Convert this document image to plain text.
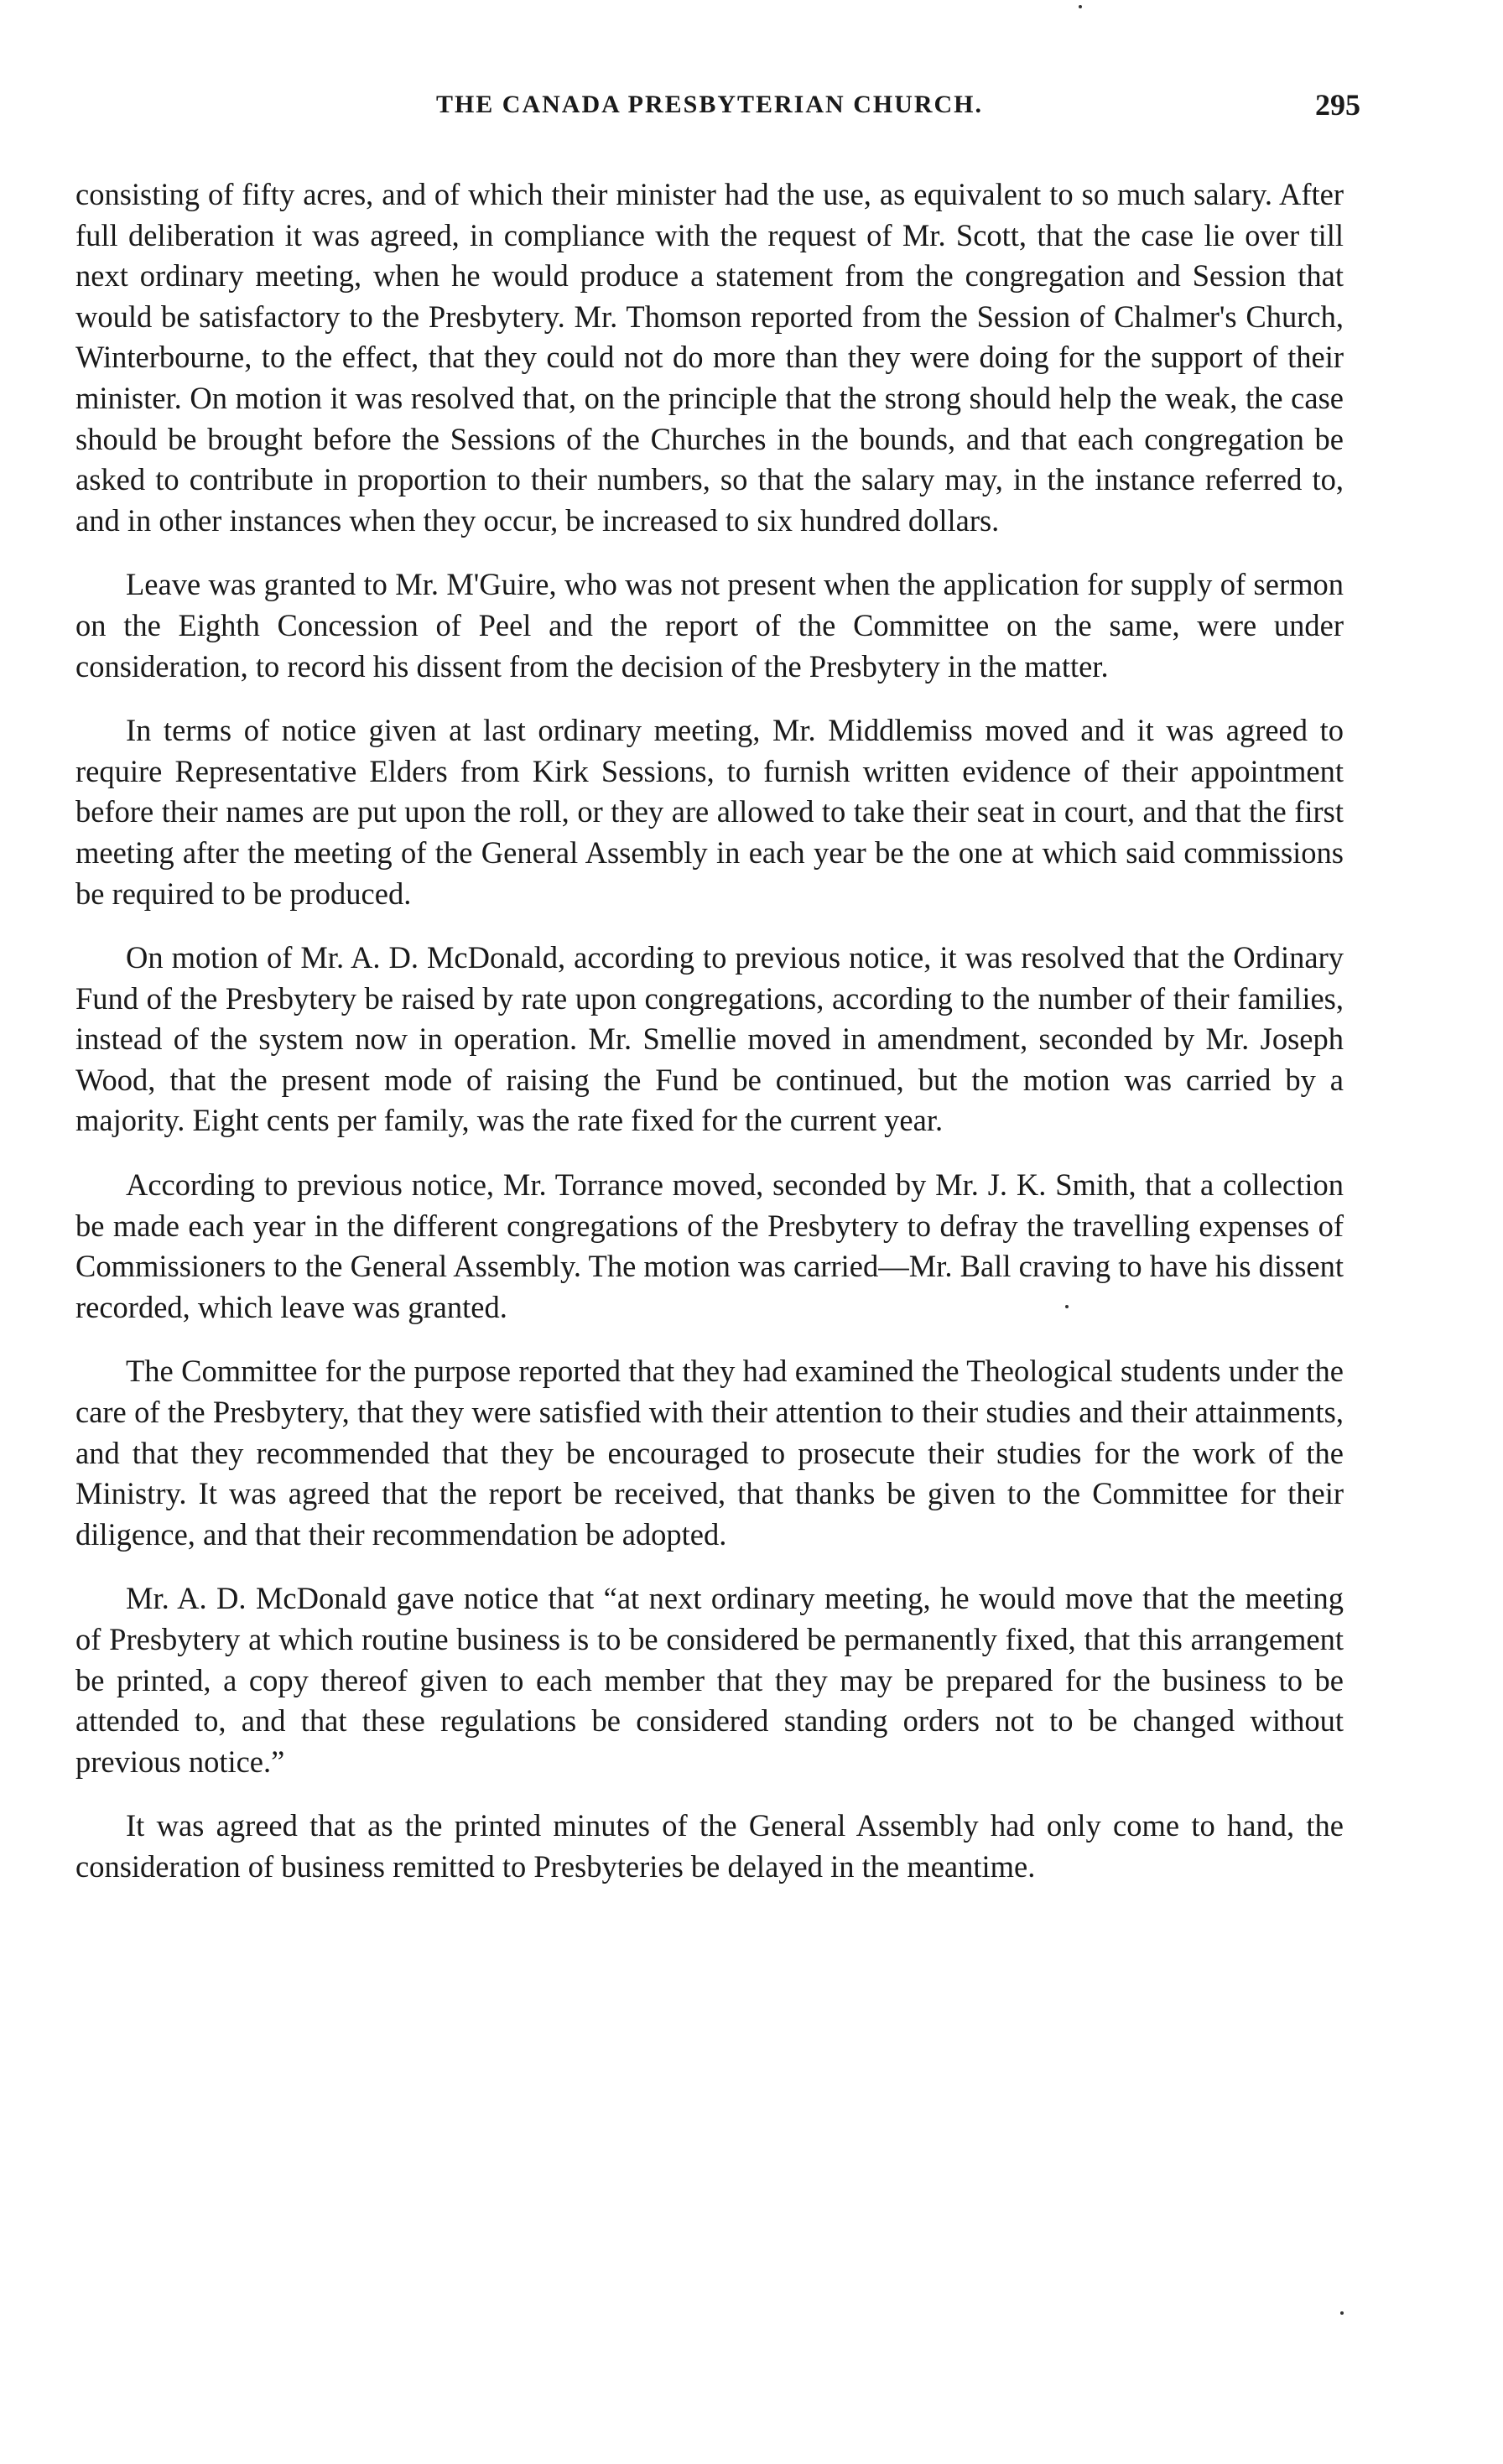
THE CANADA PRESBYTERIAN CHURCH.	295

consisting of fifty acres, and of which their minister had the use, as equivalent to so much salary. After full deliberation it was agreed, in compliance with the request of Mr. Scott, that the case lie over till next ordinary meeting, when he would produce a statement from the congregation and Session that would be satisfactory to the Presbytery. Mr. Thomson reported from the Session of Chalmer's Church, Winterbourne, to the effect, that they could not do more than they were doing for the support of their minister. On motion it was resolved that, on the principle that the strong should help the weak, the case should be brought before the Sessions of the Churches in the bounds, and that each congregation be asked to contribute in proportion to their numbers, so that the salary may, in the instance referred to, and in other instances when they occur, be increased to six hundred dollars.

Leave was granted to Mr. M'Guire, who was not present when the application for supply of sermon on the Eighth Concession of Peel and the report of the Committee on the same, were under consideration, to record his dissent from the decision of the Presbytery in the matter.

In terms of notice given at last ordinary meeting, Mr. Middlemiss moved and it was agreed to require Representative Elders from Kirk Sessions, to furnish written evidence of their appointment before their names are put upon the roll, or they are allowed to take their seat in court, and that the first meeting after the meeting of the General Assembly in each year be the one at which said commissions be required to be produced.

On motion of Mr. A. D. McDonald, according to previous notice, it was resolved that the Ordinary Fund of the Presbytery be raised by rate upon congregations, according to the number of their families, instead of the system now in operation. Mr. Smellie moved in amendment, seconded by Mr. Joseph Wood, that the present mode of raising the Fund be continued, but the motion was carried by a majority. Eight cents per family, was the rate fixed for the current year.

According to previous notice, Mr. Torrance moved, seconded by Mr. J. K. Smith, that a collection be made each year in the different congregations of the Presbytery to defray the travelling expenses of Commissioners to the General Assembly. The motion was carried—Mr. Ball craving to have his dissent recorded, which leave was granted.

The Committee for the purpose reported that they had examined the Theological students under the care of the Presbytery, that they were satisfied with their attention to their studies and their attainments, and that they recommended that they be encouraged to prosecute their studies for the work of the Ministry. It was agreed that the report be received, that thanks be given to the Committee for their diligence, and that their recommendation be adopted.

Mr. A. D. McDonald gave notice that “at next ordinary meeting, he would move that the meeting of Presbytery at which routine business is to be considered be permanently fixed, that this arrangement be printed, a copy thereof given to each member that they may be prepared for the business to be attended to, and that these regulations be considered standing orders not to be changed without previous notice.”

It was agreed that as the printed minutes of the General Assembly had only come to hand, the consideration of business remitted to Presbyteries be delayed in the meantime.
